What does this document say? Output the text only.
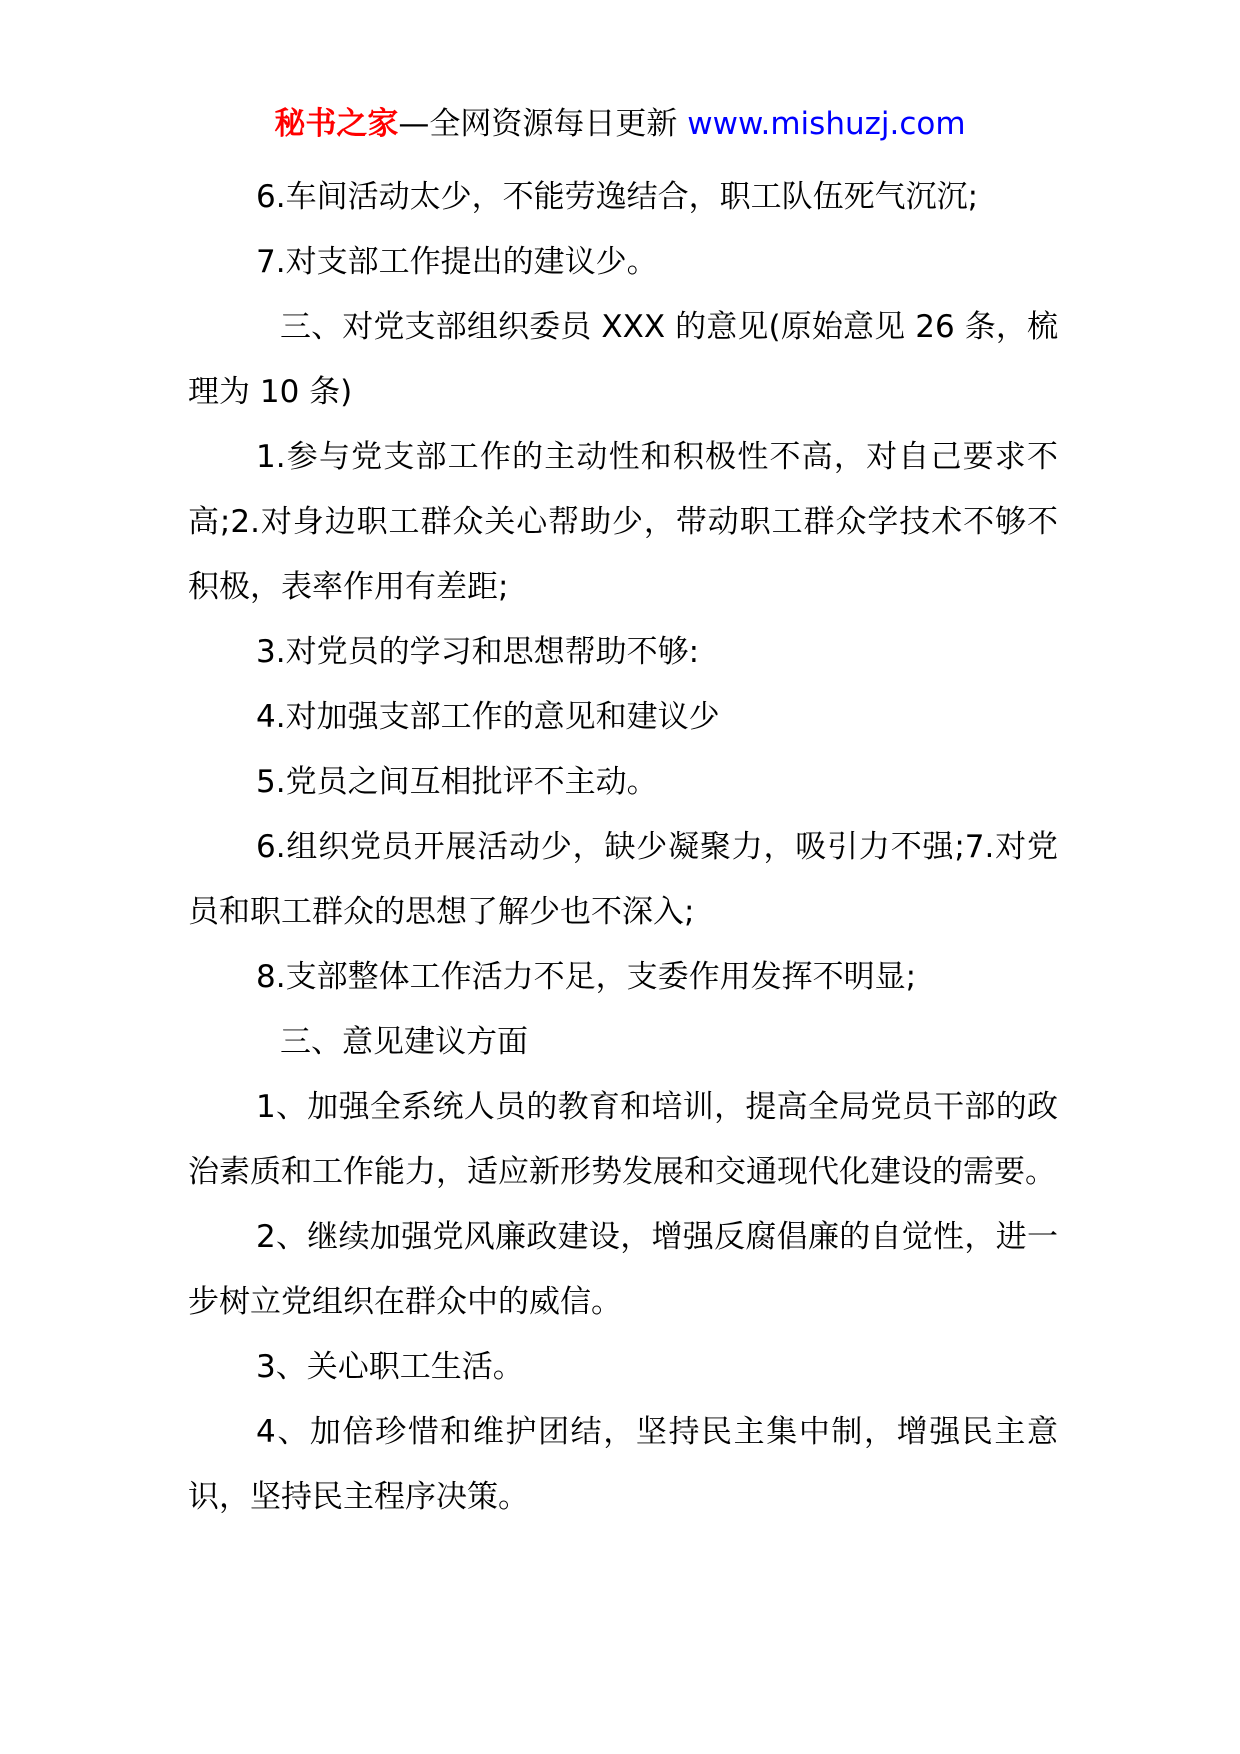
秘书之家—全网资源每日更新 www.mishuzj.com

6.车间活动太少，不能劳逸结合，职工队伍死气沉沉;

7.对支部工作提出的建议少。

三、对党支部组织委员 XXX 的意见(原始意见 26 条，梳理为 10 条)

1.参与党支部工作的主动性和积极性不高，对自己要求不高;2.对身边职工群众关心帮助少，带动职工群众学技术不够不积极，表率作用有差距;

3.对党员的学习和思想帮助不够:

4.对加强支部工作的意见和建议少

5.党员之间互相批评不主动。

6.组织党员开展活动少，缺少凝聚力，吸引力不强;7.对党员和职工群众的思想了解少也不深入;

8.支部整体工作活力不足，支委作用发挥不明显;

三、意见建议方面

1、加强全系统人员的教育和培训，提高全局党员干部的政治素质和工作能力，适应新形势发展和交通现代化建设的需要。

2、继续加强党风廉政建设，增强反腐倡廉的自觉性，进一步树立党组织在群众中的威信。

3、关心职工生活。

4、加倍珍惜和维护团结，坚持民主集中制，增强民主意识，坚持民主程序决策。
